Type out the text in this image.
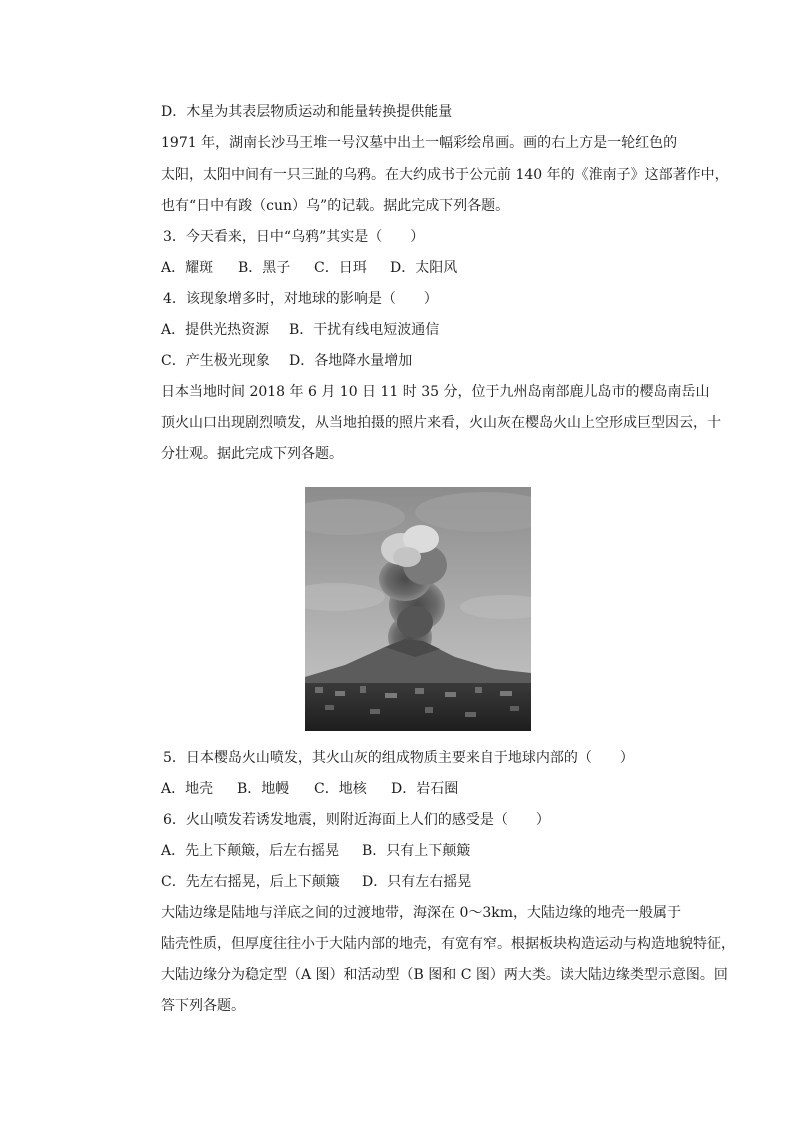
D．木星为其表层物质运动和能量转换提供能量
1971 年，湖南长沙马王堆一号汉墓中出土一幅彩绘帛画。画的右上方是一轮红色的
太阳，太阳中间有一只三趾的乌鸦。在大约成书于公元前 140 年的《淮南子》这部著作中，
也有“日中有踆（cun）乌”的记载。据此完成下列各题。
3．今天看来，日中“乌鸦”其实是（　　）
A．耀斑 B．黑子 C．日珥 D．太阳风
4．该现象增多时，对地球的影响是（　　）
A．提供光热资源 B．干扰有线电短波通信
C．产生极光现象 D．各地降水量增加
日本当地时间 2018 年 6 月 10 日 11 时 35 分，位于九州岛南部鹿儿岛市的樱岛南岳山
顶火山口出现剧烈喷发，从当地拍摄的照片来看，火山灰在樱岛火山上空形成巨型因云，十
分壮观。据此完成下列各题。
5．日本樱岛火山喷发，其火山灰的组成物质主要来自于地球内部的（　　）
A．地壳 B．地幔 C．地核 D．岩石圈
6．火山喷发若诱发地震，则附近海面上人们的感受是（　　）
A．先上下颠簸，后左右摇晃 B．只有上下颠簸
C．先左右摇晃，后上下颠簸 D．只有左右摇晃
大陆边缘是陆地与洋底之间的过渡地带，海深在 0～3km，大陆边缘的地壳一般属于
陆壳性质，但厚度往往小于大陆内部的地壳，有宽有窄。根据板块构造运动与构造地貌特征，
大陆边缘分为稳定型（A 图）和活动型（B 图和 C 图）两大类。读大陆边缘类型示意图。回
答下列各题。
